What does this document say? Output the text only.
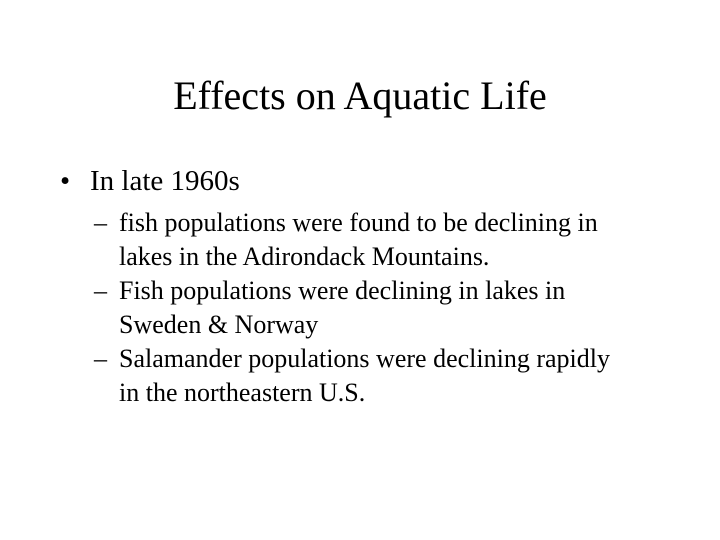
Effects on Aquatic Life
• In late 1960s
– fish populations were found to be declining in
lakes in the Adirondack Mountains.
– Fish populations were declining in lakes in
Sweden & Norway
– Salamander populations were declining rapidly
in the northeastern U.S.
